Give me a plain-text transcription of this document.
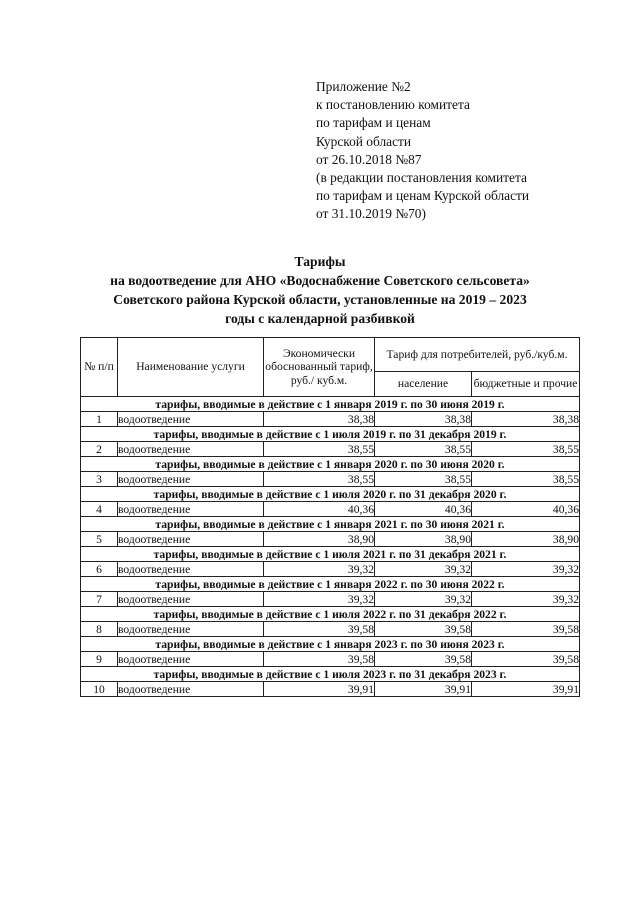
Приложение №2
к постановлению комитета
по тарифам и ценам
Курской области
от 26.10.2018 №87
(в редакции постановления комитета
по тарифам и ценам Курской области
от 31.10.2019 №70)
Тарифы
на водоотведение для АНО «Водоснабжение Советского сельсовета»
Советского района Курской области, установленные на 2019 – 2023
годы с календарной разбивкой
№ п/п	Наименование услуги	Экономически обоснованный тариф, руб./ куб.м.	Тариф для потребителей, руб./куб.м.	
			население	бюджетные и прочие
тарифы, вводимые в действие с 1 января 2019 г. по 30 июня 2019 г.				
1	водоотведение	38,38	38,38	38,38
тарифы, вводимые в действие с 1 июля 2019 г. по 31 декабря 2019 г.				
2	водоотведение	38,55	38,55	38,55
тарифы, вводимые в действие с 1 января 2020 г. по 30 июня 2020 г.				
3	водоотведение	38,55	38,55	38,55
тарифы, вводимые в действие с 1 июля 2020 г. по 31 декабря 2020 г.				
4	водоотведение	40,36	40,36	40,36
тарифы, вводимые в действие с 1 января 2021 г. по 30 июня 2021 г.				
5	водоотведение	38,90	38,90	38,90
тарифы, вводимые в действие с 1 июля 2021 г. по 31 декабря 2021 г.				
6	водоотведение	39,32	39,32	39,32
тарифы, вводимые в действие с 1 января 2022 г. по 30 июня 2022 г.				
7	водоотведение	39,32	39,32	39,32
тарифы, вводимые в действие с 1 июля 2022 г. по 31 декабря 2022 г.				
8	водоотведение	39,58	39,58	39,58
тарифы, вводимые в действие с 1 января 2023 г. по 30 июня 2023 г.				
9	водоотведение	39,58	39,58	39,58
тарифы, вводимые в действие с 1 июля 2023 г. по 31 декабря 2023 г.				
10	водоотведение	39,91	39,91	39,91
